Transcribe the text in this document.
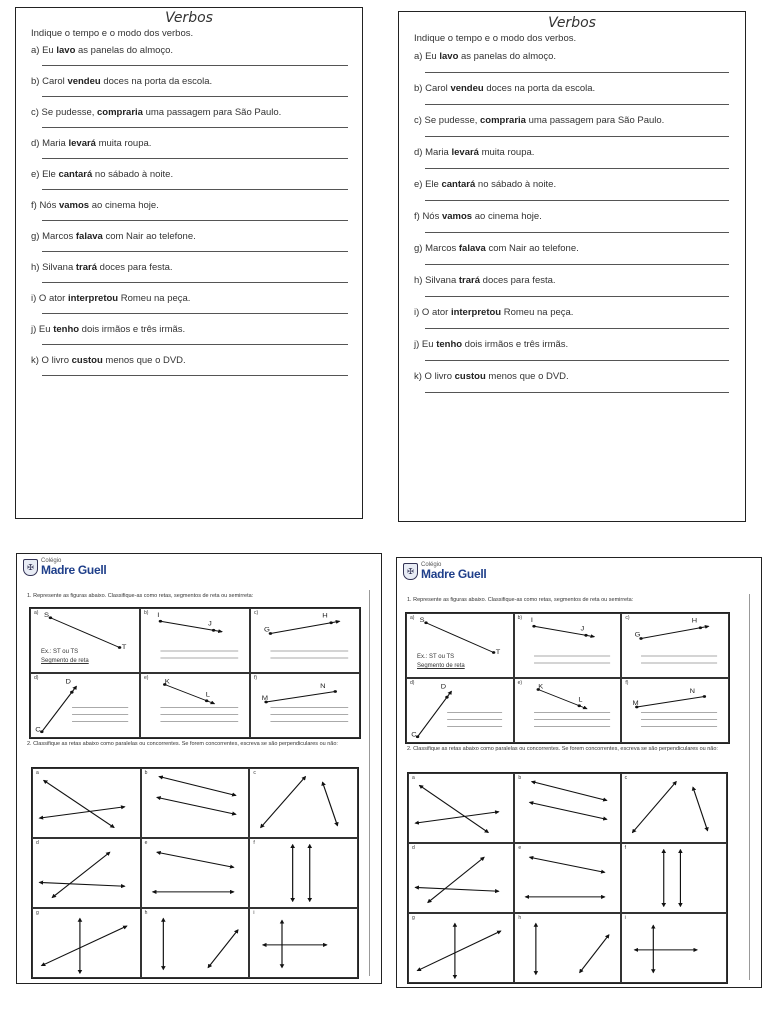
Verbos
Indique o tempo e o modo dos verbos.
a) Eu lavo as panelas do almoço.
b) Carol vendeu doces na porta da escola.
c) Se pudesse, compraria uma passagem para São Paulo.
d) Maria levará muita roupa.
e) Ele cantará no sábado à noite.
f) Nós vamos ao cinema hoje.
g) Marcos falava com Nair ao telefone.
h) Silvana trará doces para festa.
i) O ator interpretou Romeu na peça.
j) Eu tenho dois irmãos e três irmãs.
k) O livro custou menos que o DVD.
Verbos
Indique o tempo e o modo dos verbos.
a) Eu lavo as panelas do almoço.
b) Carol vendeu doces na porta da escola.
c) Se pudesse, compraria uma passagem para São Paulo.
d) Maria levará muita roupa.
e) Ele cantará no sábado à noite.
f) Nós vamos ao cinema hoje.
g) Marcos falava com Nair ao telefone.
h) Silvana trará doces para festa.
i) O ator interpretou Romeu na peça.
j) Eu tenho dois irmãos e três irmãs.
k) O livro custou menos que o DVD.
✠
Colégio
Madre Guell
1. Represente as figuras abaixo. Classifique-as como retas, segmentos de reta ou semirreta:
a) S
T
Ex.: ST ou TS
Segmento de reta
b) I
J
c)
G
H
d)
D
C
e)
K
L
f)
M
N
2. Classifique as retas abaixo como paralelas ou concorrentes. Se forem concorrentes, escreva se são perpendiculares ou não:
a	b	c
d	e	f
g	h	i
✠
Colégio
Madre Guell
1. Represente as figuras abaixo. Classifique-as como retas, segmentos de reta ou semirreta:
a) S
T
Ex.: ST ou TS
Segmento de reta
b) I
J
c)
G
H
d)
D
C
e)
K
L
f)
M
N
2. Classifique as retas abaixo como paralelas ou concorrentes. Se forem concorrentes, escreva se são perpendiculares ou não:
a	b	c
d	e	f
g	h	i
